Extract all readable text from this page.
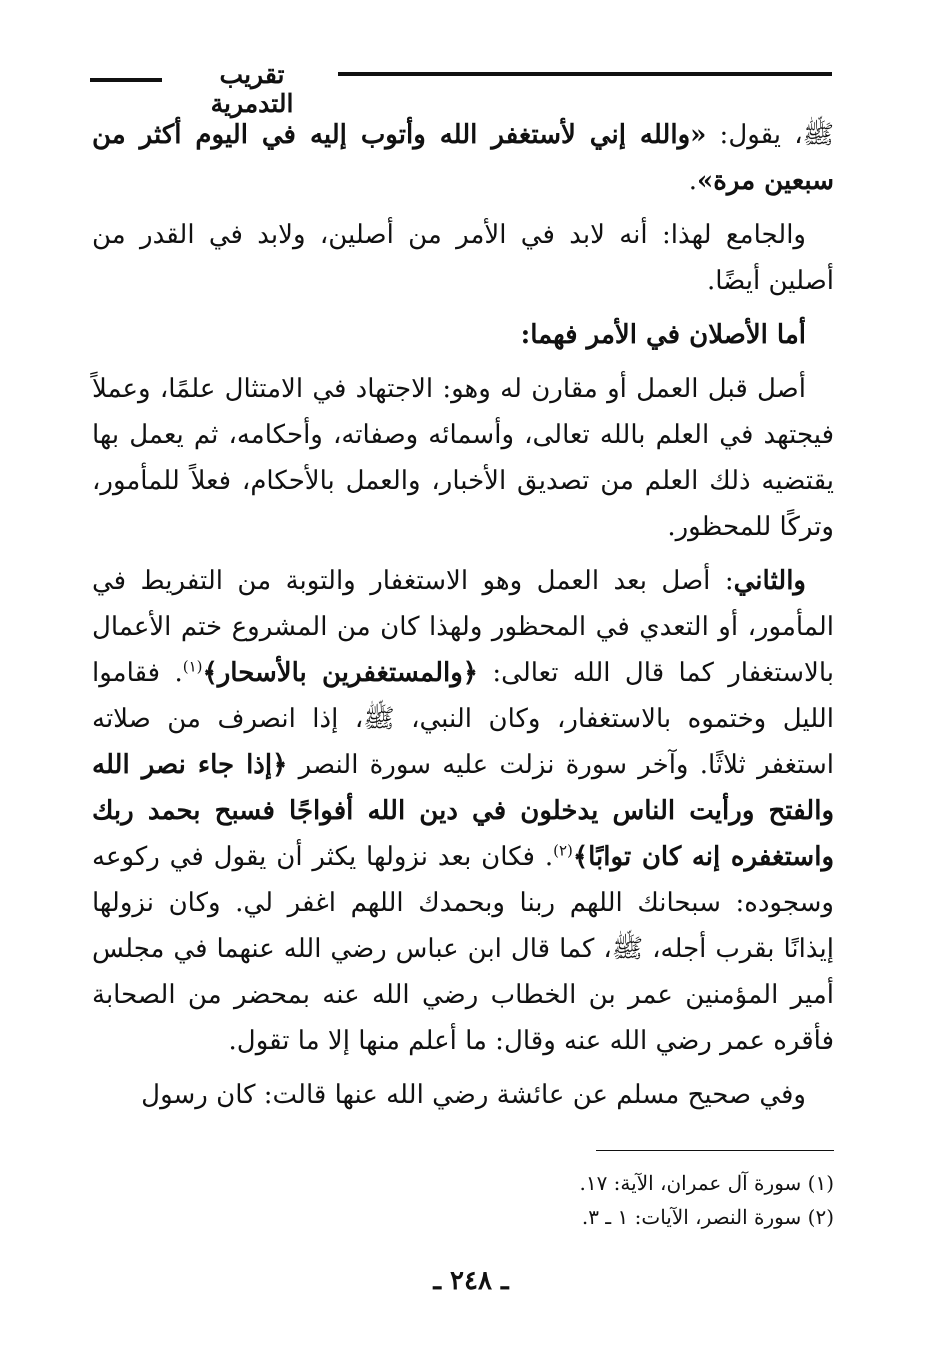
تقريب التدمرية

ﷺ، يقول: «والله إني لأستغفر الله وأتوب إليه في اليوم أكثر من سبعين مرة».

والجامع لهذا: أنه لابد في الأمر من أصلين، ولابد في القدر من أصلين أيضًا.

أما الأصلان في الأمر فهما:

أصل قبل العمل أو مقارن له وهو: الاجتهاد في الامتثال علمًا، وعملاً فيجتهد في العلم بالله تعالى، وأسمائه وصفاته، وأحكامه، ثم يعمل بها يقتضيه ذلك العلم من تصديق الأخبار، والعمل بالأحكام، فعلاً للمأمور، وتركًا للمحظور.

والثاني: أصل بعد العمل وهو الاستغفار والتوبة من التفريط في المأمور، أو التعدي في المحظور ولهذا كان من المشروع ختم الأعمال بالاستغفار كما قال الله تعالى: ﴿والمستغفرين بالأسحار﴾$^{(١)}$. فقاموا الليل وختموه بالاستغفار، وكان النبي، ﷺ، إذا انصرف من صلاته استغفر ثلاثًا. وآخر سورة نزلت عليه سورة النصر ﴿إذا جاء نصر الله والفتح ورأيت الناس يدخلون في دين الله أفواجًا فسبح بحمد ربك واستغفره إنه كان توابًا﴾$^{(٢)}$. فكان بعد نزولها يكثر أن يقول في ركوعه وسجوده: سبحانك اللهم ربنا وبحمدك اللهم اغفر لي. وكان نزولها إيذانًا بقرب أجله، ﷺ، كما قال ابن عباس رضي الله عنهما في مجلس أمير المؤمنين عمر بن الخطاب رضي الله عنه بمحضر من الصحابة فأقره عمر رضي الله عنه وقال: ما أعلم منها إلا ما تقول.

وفي صحيح مسلم عن عائشة رضي الله عنها قالت: كان رسول

(١) سورة آل عمران، الآية: ١٧.
(٢) سورة النصر، الآيات: ١ ـ ٣.
ـ ٢٤٨ ـ
